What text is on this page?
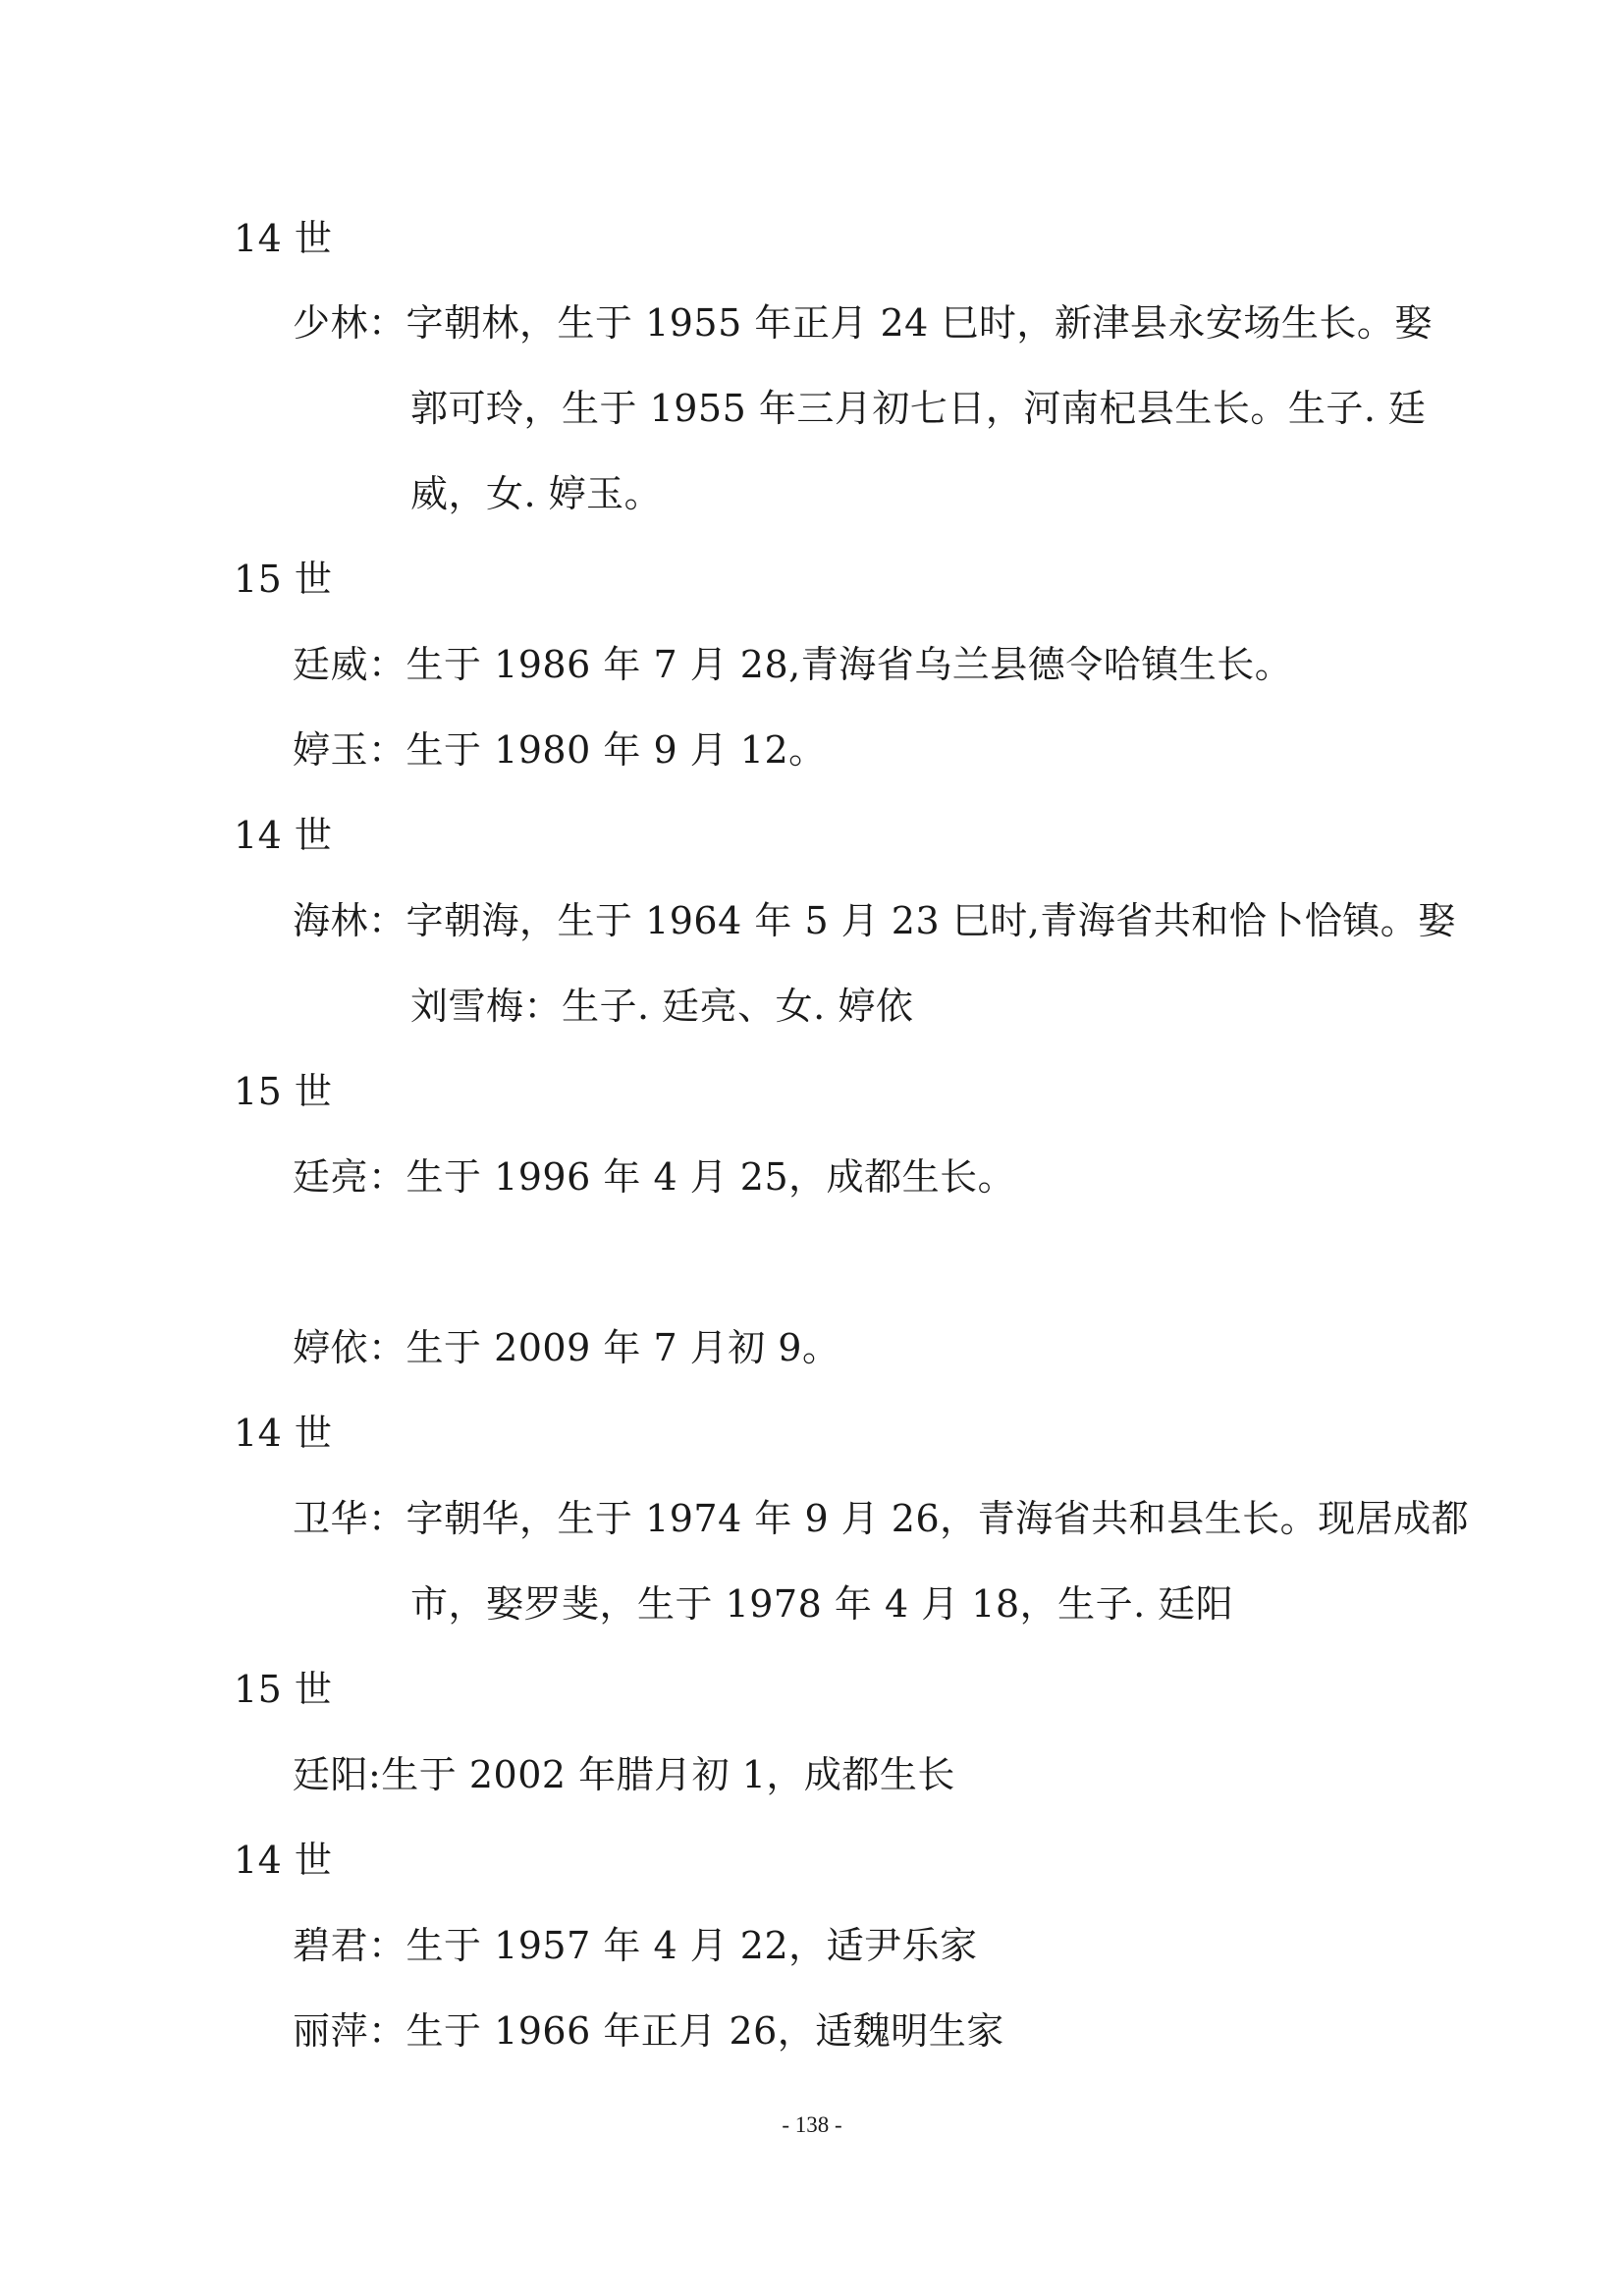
14 世
少林：字朝林，生于 1955 年正月 24 巳时，新津县永安场生长。娶
郭可玲，生于 1955 年三月初七日，河南杞县生长。生子. 廷
威，女. 婷玉。
15 世
廷威：生于 1986 年 7 月 28,青海省乌兰县德令哈镇生长。
婷玉：生于 1980 年 9 月 12。
14 世
海林：字朝海，生于 1964 年 5 月 23 巳时,青海省共和恰卜恰镇。娶
刘雪梅：生子. 廷亮、女. 婷依
15 世
廷亮：生于 1996 年 4 月 25，成都生长。
婷依：生于 2009 年 7 月初 9。
14 世
卫华：字朝华，生于 1974 年 9 月 26，青海省共和县生长。现居成都
市，娶罗斐，生于 1978 年 4 月 18，生子. 廷阳
15 世
廷阳:生于 2002 年腊月初 1，成都生长
14 世
碧君：生于 1957 年 4 月 22，适尹乐家
丽萍：生于 1966 年正月 26，适魏明生家
- 138 -
